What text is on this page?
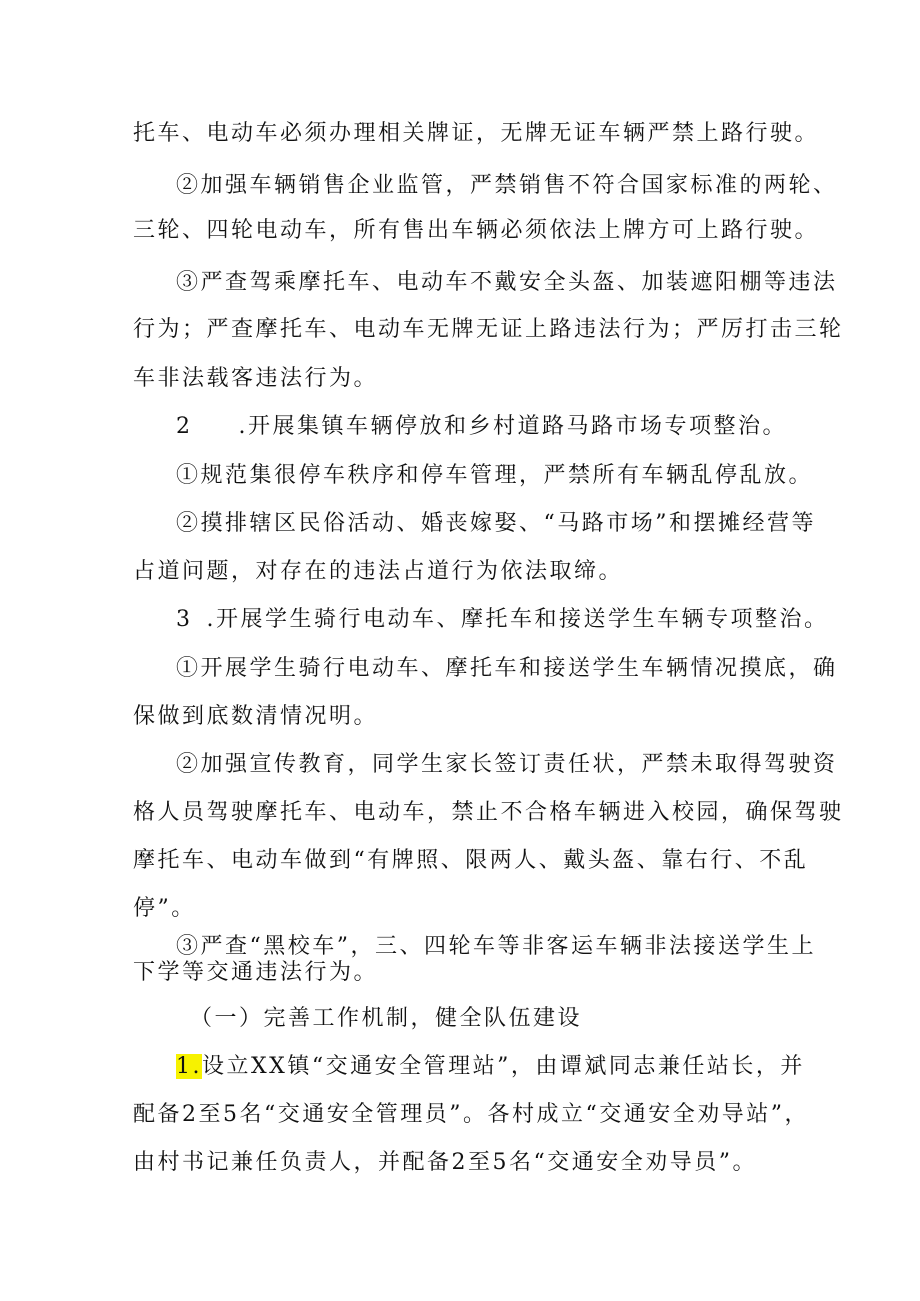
托车、电动车必须办理相关牌证，无牌无证车辆严禁上路行驶。
②加强车辆销售企业监管，严禁销售不符合国家标准的两轮、
三轮、四轮电动车，所有售出车辆必须依法上牌方可上路行驶。
③严查驾乘摩托车、电动车不戴安全头盔、加装遮阳棚等违法
行为；严查摩托车、电动车无牌无证上路违法行为；严厉打击三轮
车非法载客违法行为。
2 .开展集镇车辆停放和乡村道路马路市场专项整治。
①规范集很停车秩序和停车管理，严禁所有车辆乱停乱放。
②摸排辖区民俗活动、婚丧嫁娶、“马路市场”和摆摊经营等
占道问题，对存在的违法占道行为依法取缔。
3 .开展学生骑行电动车、摩托车和接送学生车辆专项整治。
①开展学生骑行电动车、摩托车和接送学生车辆情况摸底，确
保做到底数清情况明。
②加强宣传教育，同学生家长签订责任状，严禁未取得驾驶资
格人员驾驶摩托车、电动车，禁止不合格车辆进入校园，确保驾驶
摩托车、电动车做到“有牌照、限两人、戴头盔、靠右行、不乱
停”。
③严查“黑校车”，三、四轮车等非客运车辆非法接送学生上
下学等交通违法行为。
（一）完善工作机制，健全队伍建设
1.设立XX镇“交通安全管理站”，由谭斌同志兼任站长，并
配备2至5名“交通安全管理员”。各村成立“交通安全劝导站”，
由村书记兼任负责人，并配备2至5名“交通安全劝导员”。
